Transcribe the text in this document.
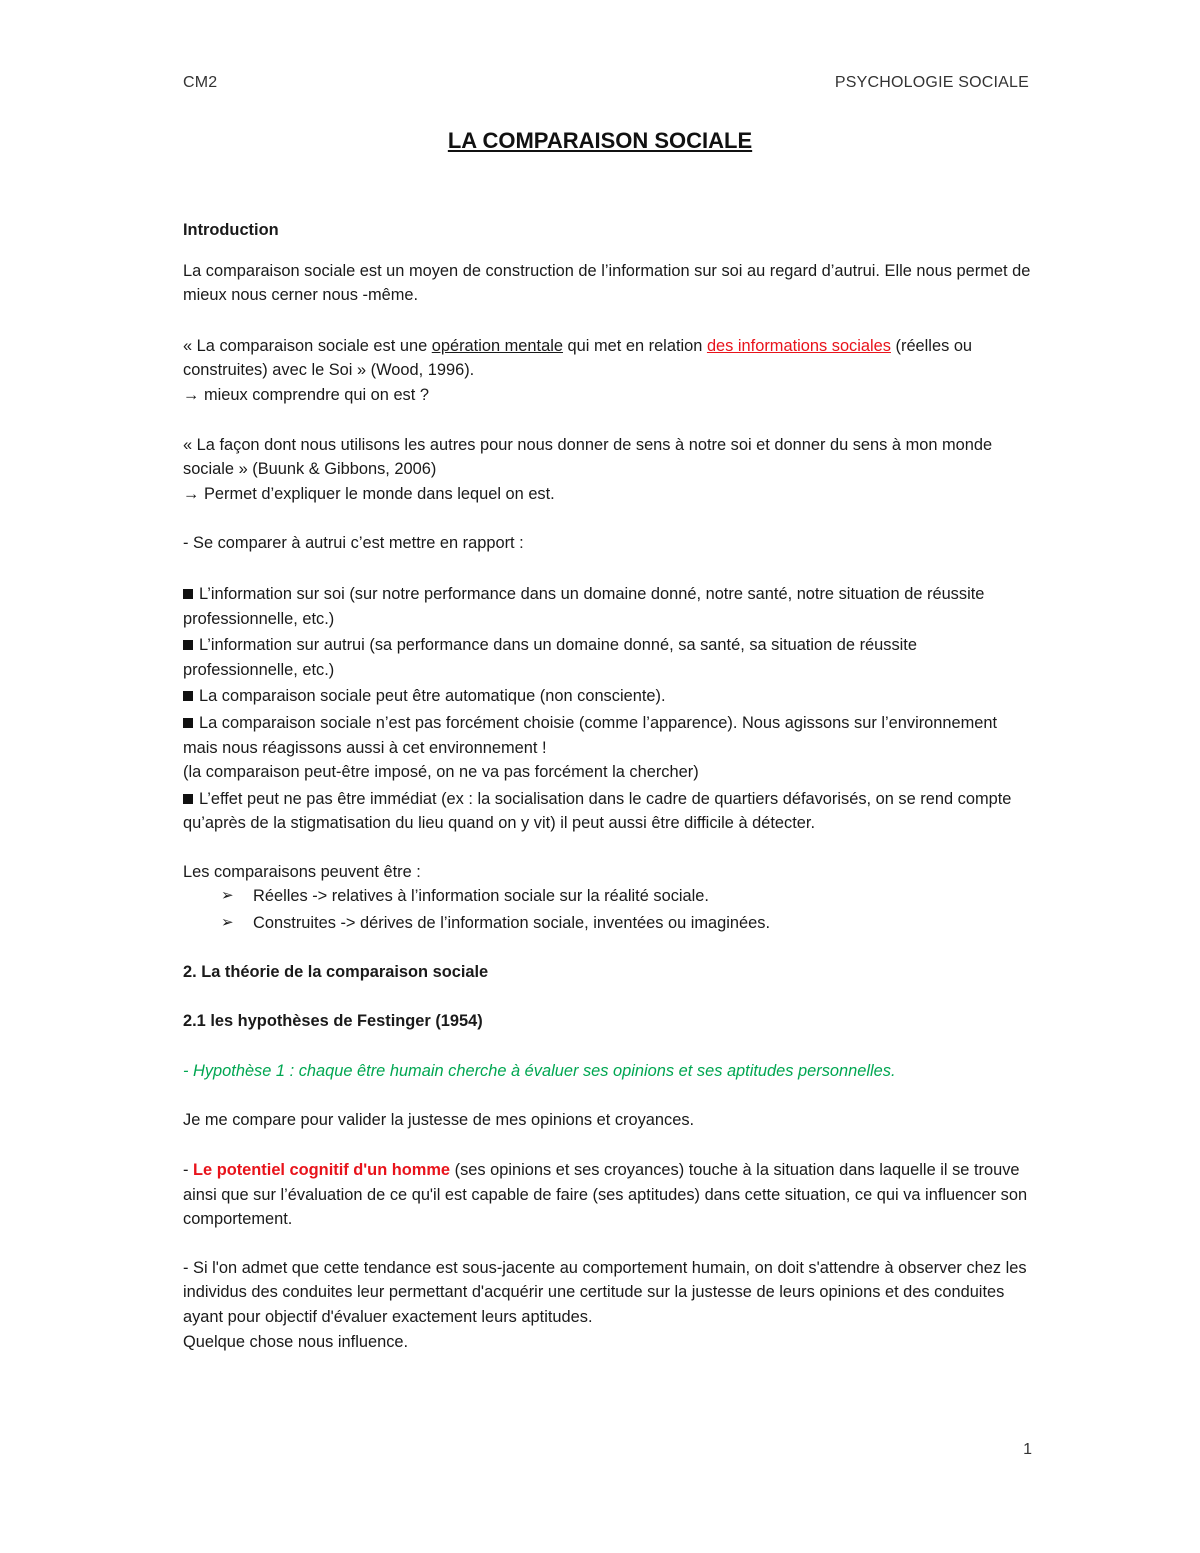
CM2	PSYCHOLOGIE SOCIALE
LA COMPARAISON SOCIALE

Introduction

La comparaison sociale est un moyen de construction de l’information sur soi au regard d’autrui. Elle nous permet de mieux nous cerner nous -même.

« La comparaison sociale est une opération mentale qui met en relation des informations sociales (réelles ou construites) avec le Soi » (Wood, 1996).

→ mieux comprendre qui on est ?

« La façon dont nous utilisons les autres pour nous donner de sens à notre soi et donner du sens à mon monde sociale » (Buunk & Gibbons, 2006)

→ Permet d’expliquer le monde dans lequel on est.

- Se comparer à autrui c’est mettre en rapport :

L’information sur soi (sur notre performance dans un domaine donné, notre santé, notre situation de réussite professionnelle, etc.)

L’information sur autrui (sa performance dans un domaine donné, sa santé, sa situation de réussite professionnelle, etc.)

La comparaison sociale peut être automatique (non consciente).

La comparaison sociale n’est pas forcément choisie (comme l’apparence). Nous agissons sur l’environnement mais nous réagissons aussi à cet environnement !

(la comparaison peut-être imposé, on ne va pas forcément la chercher)

L’effet peut ne pas être immédiat (ex : la socialisation dans le cadre de quartiers défavorisés, on se rend compte qu’après de la stigmatisation du lieu quand on y vit) il peut aussi être difficile à détecter.

Les comparaisons peuvent être :

➢ Réelles -> relatives à l’information sociale sur la réalité sociale.

➢ Construites -> dérives de l’information sociale, inventées ou imaginées.

2. La théorie de la comparaison sociale

2.1 les hypothèses de Festinger (1954)

- Hypothèse 1 : chaque être humain cherche à évaluer ses opinions et ses aptitudes personnelles.

Je me compare pour valider la justesse de mes opinions et croyances.

- Le potentiel cognitif d'un homme (ses opinions et ses croyances) touche à la situation dans laquelle il se trouve ainsi que sur l’évaluation de ce qu'il est capable de faire (ses aptitudes) dans cette situation, ce qui va influencer son comportement.

- Si l'on admet que cette tendance est sous-jacente au comportement humain, on doit s'attendre à observer chez les individus des conduites leur permettant d'acquérir une certitude sur la justesse de leurs opinions et des conduites ayant pour objectif d'évaluer exactement leurs aptitudes.

Quelque chose nous influence.

1
